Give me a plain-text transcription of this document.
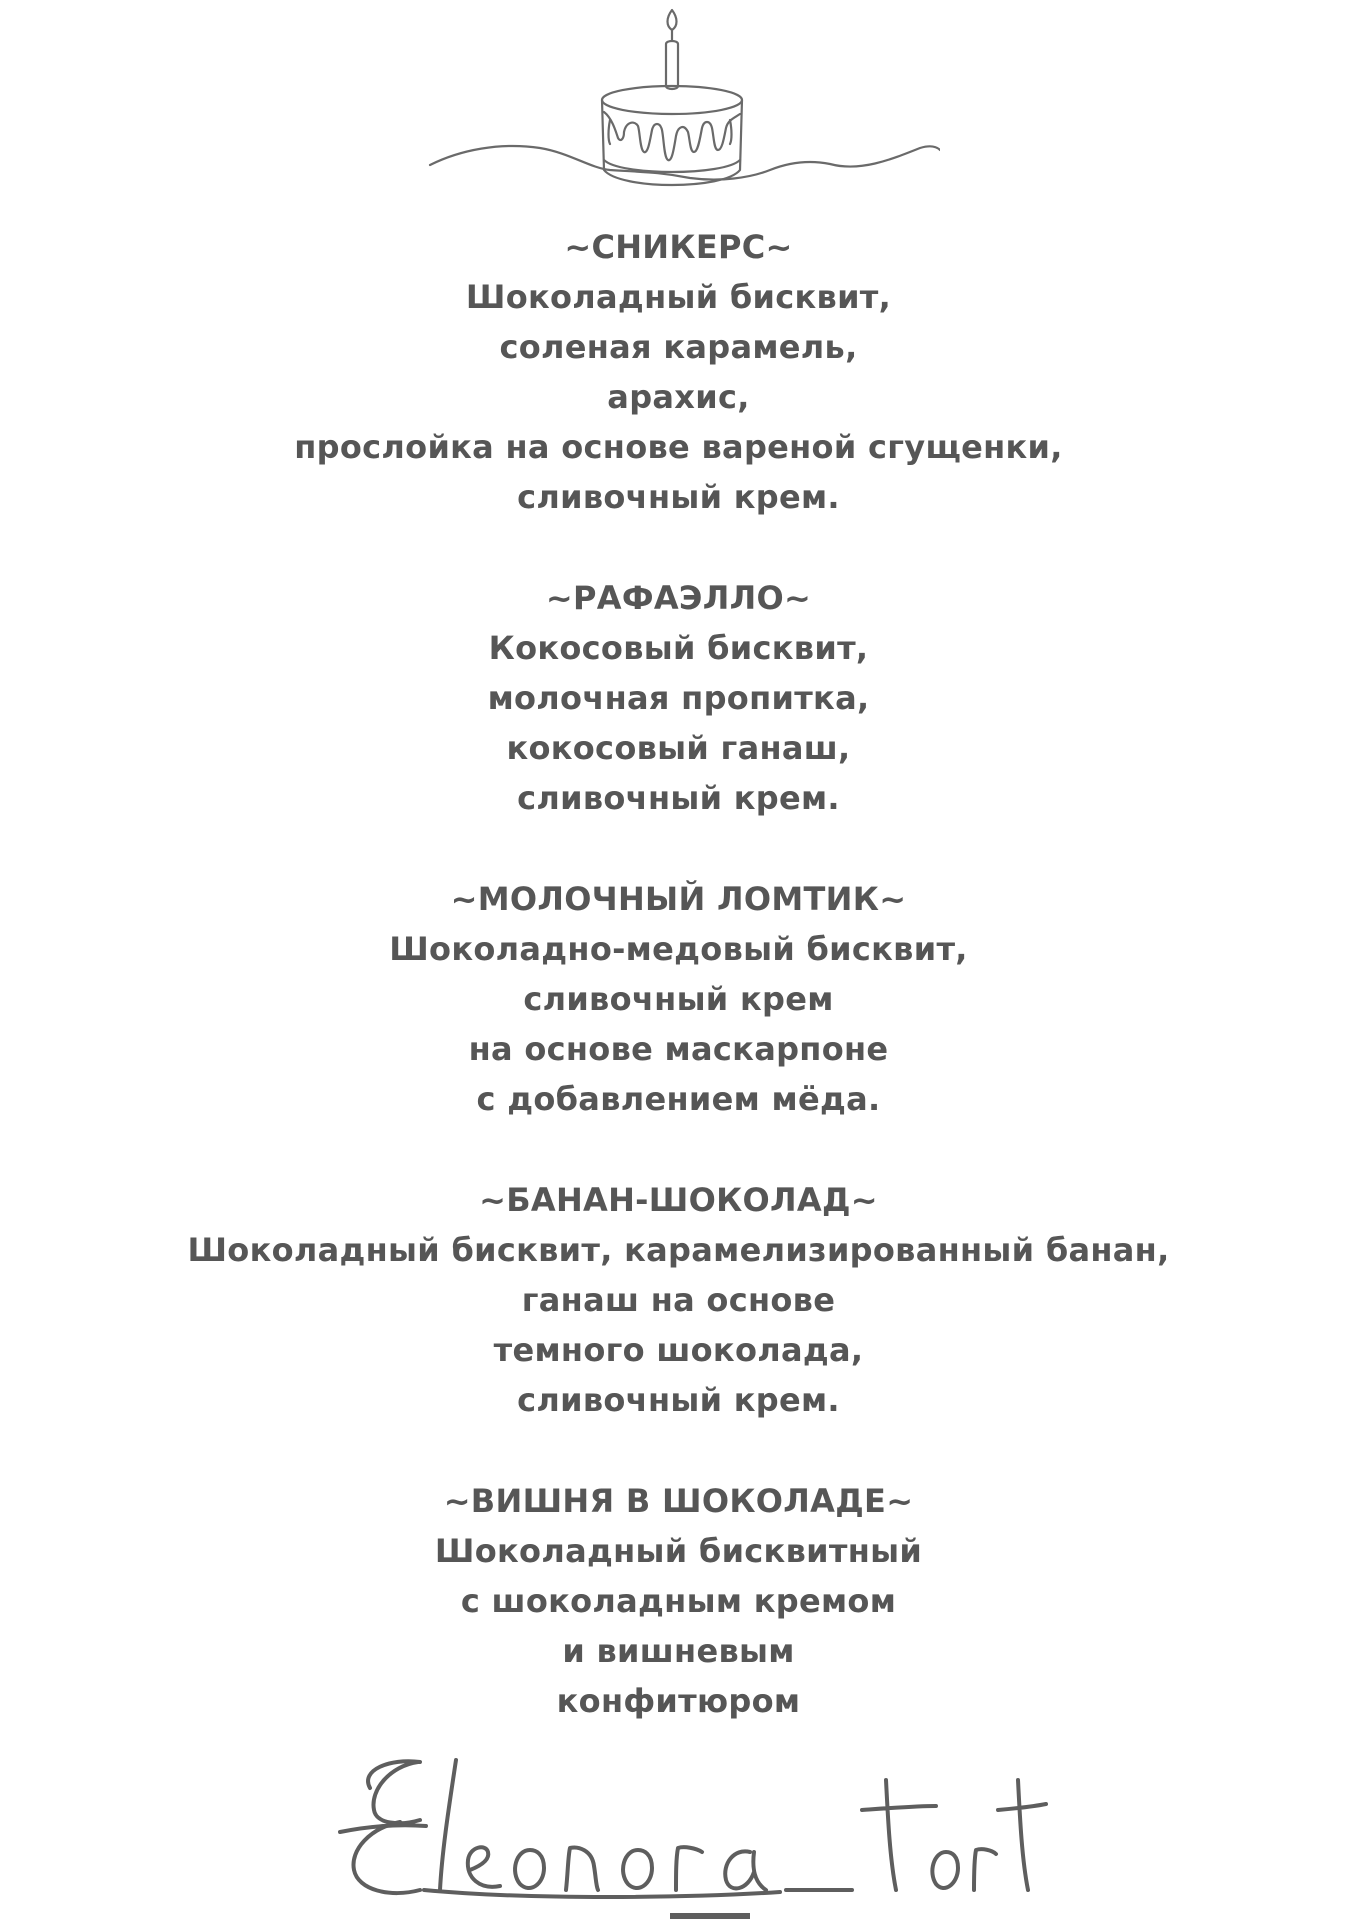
~СНИКЕРС~
Шоколадный бисквит,
соленая карамель,
арахис,
прослойка на основе вареной сгущенки,
сливочный крем.
~РАФАЭЛЛО~
Кокосовый бисквит,
молочная пропитка,
кокосовый ганаш,
сливочный крем.
~МОЛОЧНЫЙ ЛОМТИК~
Шоколадно-медовый бисквит,
сливочный крем
на основе маскарпоне
с добавлением мёда.
~БАНАН-ШОКОЛАД~
Шоколадный бисквит, карамелизированный банан,
ганаш на основе
темного шоколада,
сливочный крем.
~ВИШНЯ В ШОКОЛАДЕ~
Шоколадный бисквитный
с шоколадным кремом
и вишневым
конфитюром
